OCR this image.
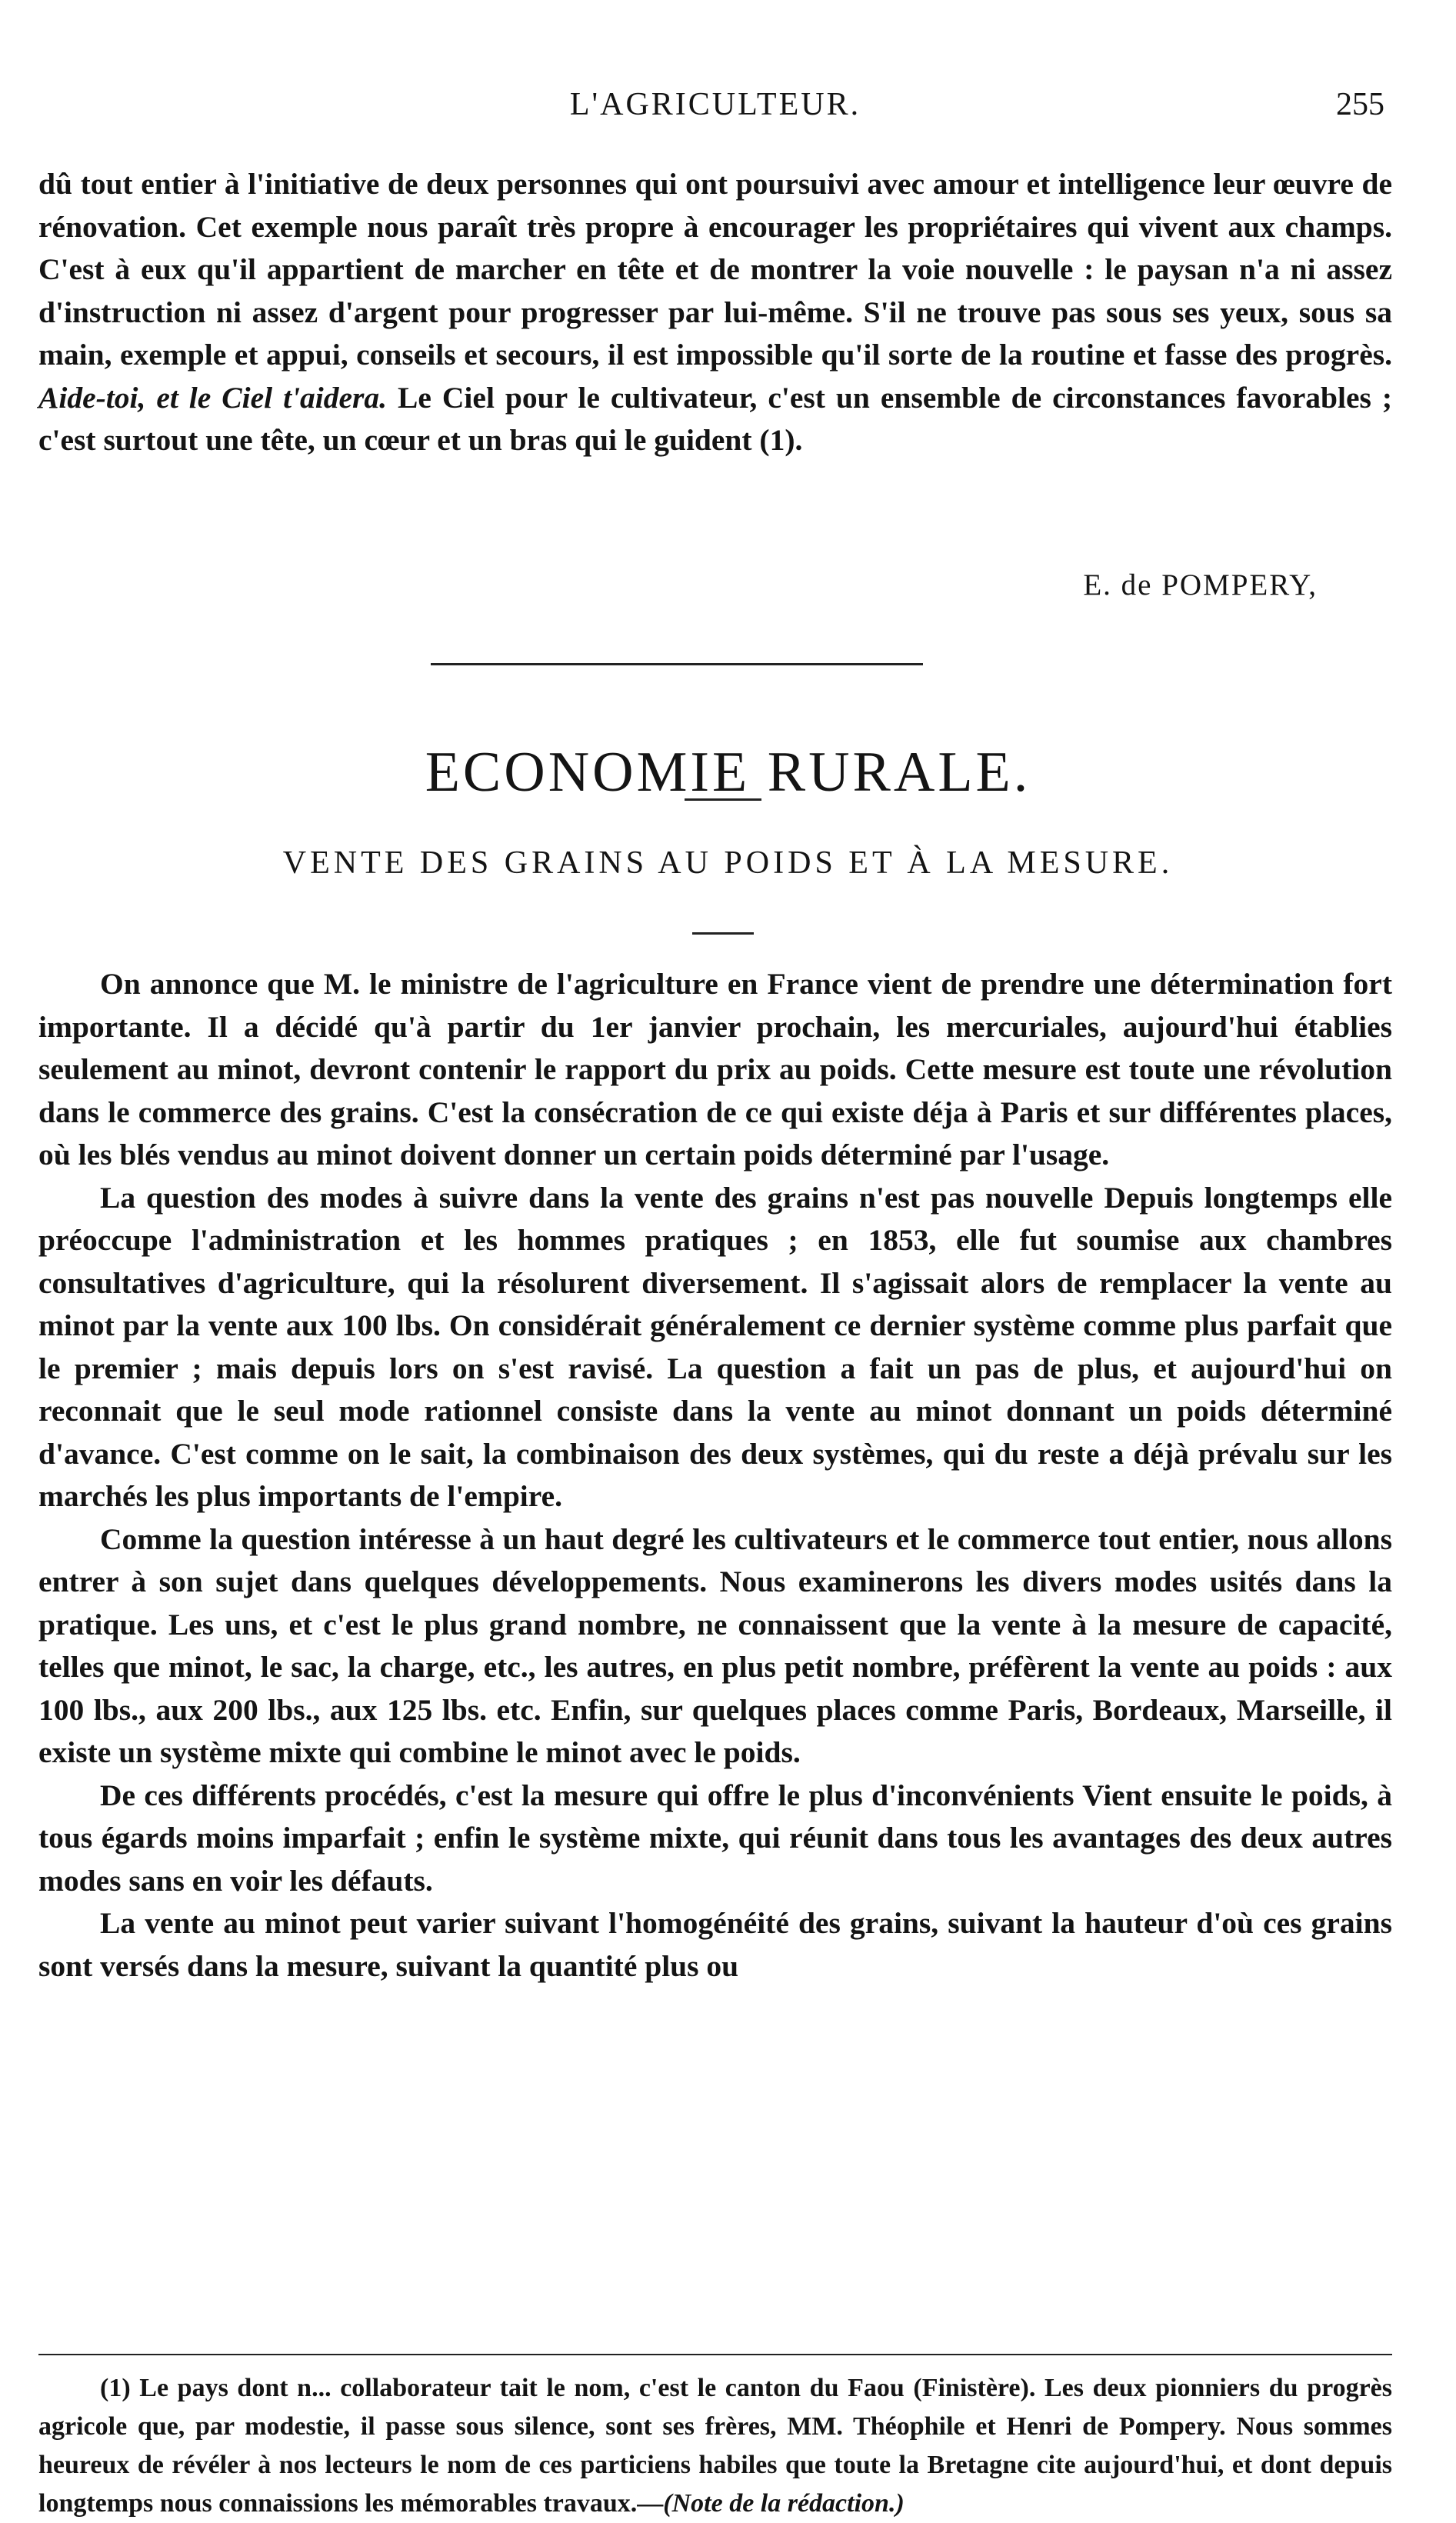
L'AGRICULTEUR.	255

dû tout entier à l'initiative de deux personnes qui ont poursuivi avec amour et intelligence leur œuvre de rénovation. Cet exemple nous paraît très propre à encourager les propriétaires qui vivent aux champs. C'est à eux qu'il appartient de marcher en tête et de montrer la voie nouvelle : le paysan n'a ni assez d'instruction ni assez d'argent pour progresser par lui-même. S'il ne trouve pas sous ses yeux, sous sa main, exemple et appui, conseils et secours, il est impossible qu'il sorte de la routine et fasse des progrès. Aide-toi, et le Ciel t'aidera. Le Ciel pour le cultivateur, c'est un ensemble de circonstances favorables ; c'est surtout une tête, un cœur et un bras qui le guident (1).

E. de POMPERY,
ECONOMIE RURALE.
VENTE DES GRAINS AU POIDS ET À LA MESURE.

On annonce que M. le ministre de l'agriculture en France vient de prendre une détermination fort importante. Il a décidé qu'à partir du 1er janvier prochain, les mercuriales, aujourd'hui établies seulement au minot, devront contenir le rapport du prix au poids. Cette mesure est toute une révolution dans le commerce des grains. C'est la consécration de ce qui existe déja à Paris et sur différentes places, où les blés vendus au minot doivent donner un certain poids déterminé par l'usage.

La question des modes à suivre dans la vente des grains n'est pas nouvelle Depuis longtemps elle préoccupe l'administration et les hommes pratiques ; en 1853, elle fut soumise aux chambres consultatives d'agriculture, qui la résolurent diversement. Il s'agissait alors de remplacer la vente au minot par la vente aux 100 lbs. On considérait généralement ce dernier système comme plus parfait que le premier ; mais depuis lors on s'est ravisé. La question a fait un pas de plus, et aujourd'hui on reconnait que le seul mode rationnel consiste dans la vente au minot donnant un poids déterminé d'avance. C'est comme on le sait, la combinaison des deux systèmes, qui du reste a déjà prévalu sur les marchés les plus importants de l'empire.

Comme la question intéresse à un haut degré les cultivateurs et le commerce tout entier, nous allons entrer à son sujet dans quelques développements. Nous examinerons les divers modes usités dans la pratique. Les uns, et c'est le plus grand nombre, ne connaissent que la vente à la mesure de capacité, telles que minot, le sac, la charge, etc., les autres, en plus petit nombre, préfèrent la vente au poids : aux 100 lbs., aux 200 lbs., aux 125 lbs. etc. Enfin, sur quelques places comme Paris, Bordeaux, Marseille, il existe un système mixte qui combine le minot avec le poids.

De ces différents procédés, c'est la mesure qui offre le plus d'inconvénients Vient ensuite le poids, à tous égards moins imparfait ; enfin le système mixte, qui réunit dans tous les avantages des deux autres modes sans en voir les défauts.

La vente au minot peut varier suivant l'homogénéité des grains, suivant la hauteur d'où ces grains sont versés dans la mesure, suivant la quantité plus ou

(1) Le pays dont n... collaborateur tait le nom, c'est le canton du Faou (Finistère). Les deux pionniers du progrès agricole que, par modestie, il passe sous silence, sont ses frères, MM. Théophile et Henri de Pompery. Nous sommes heureux de révéler à nos lecteurs le nom de ces particiens habiles que toute la Bretagne cite aujourd'hui, et dont depuis longtemps nous connaissions les mémorables travaux.—(Note de la rédaction.)
